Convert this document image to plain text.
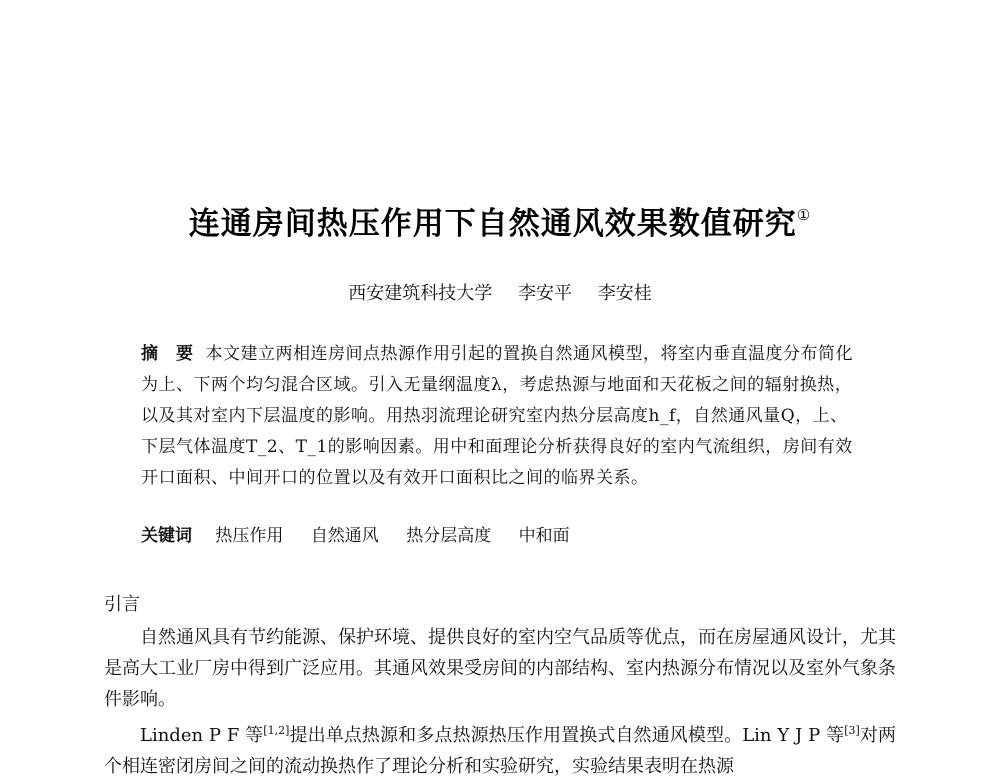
连通房间热压作用下自然通风效果数值研究①
西安建筑科技大学 李安平 李安桂
摘　要 本文建立两相连房间点热源作用引起的置换自然通风模型，将室内垂直温度分布简化为上、下两个均匀混合区域。引入无量纲温度λ，考虑热源与地面和天花板之间的辐射换热，以及其对室内下层温度的影响。用热羽流理论研究室内热分层高度h_f，自然通风量Q，上、下层气体温度T_2、T_1的影响因素。用中和面理论分析获得良好的室内气流组织，房间有效开口面积、中间开口的位置以及有效开口面积比之间的临界关系。
关键词 热压作用 自然通风 热分层高度 中和面
引言

自然通风具有节约能源、保护环境、提供良好的室内空气品质等优点，而在房屋通风设计，尤其是高大工业厂房中得到广泛应用。其通风效果受房间的内部结构、室内热源分布情况以及室外气象条件影响。

Linden P F 等[1,2]提出单点热源和多点热源热压作用置换式自然通风模型。Lin Y J P 等[3]对两个相连密闭房间之间的流动换热作了理论分析和实验研究，实验结果表明在热源
